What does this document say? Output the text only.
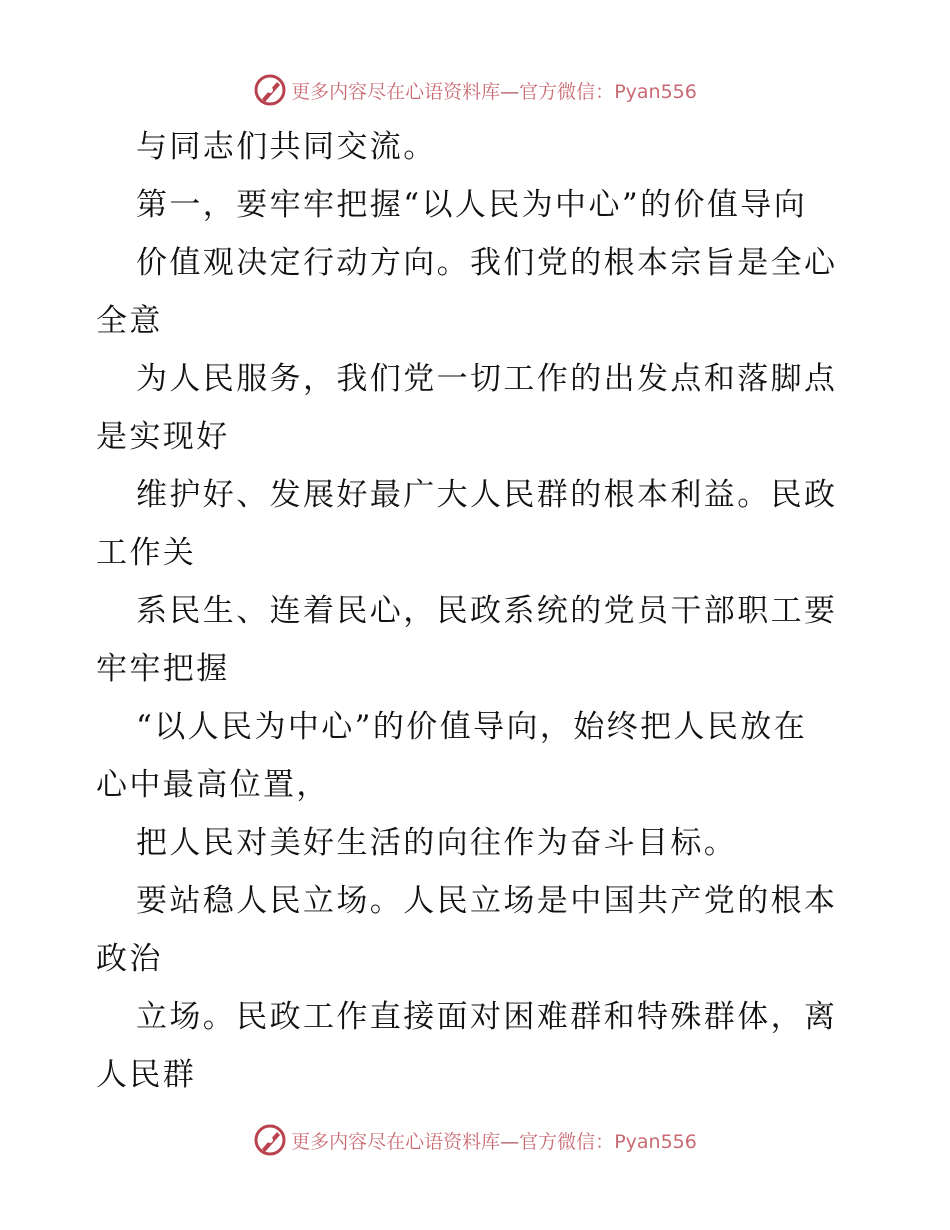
更多内容尽在心语资料库—官方微信：Pyan556
与同志们共同交流。
第一，要牢牢把握“以人民为中心”的价值导向
价值观决定行动方向。我们党的根本宗旨是全心
全意
为人民服务，我们党一切工作的出发点和落脚点
是实现好
维护好、发展好最广大人民群的根本利益。民政
工作关
系民生、连着民心，民政系统的党员干部职工要
牢牢把握
“以人民为中心”的价值导向，始终把人民放在
心中最高位置，
把人民对美好生活的向往作为奋斗目标。
要站稳人民立场。人民立场是中国共产党的根本
政治
立场。民政工作直接面对困难群和特殊群体，离
人民群
更多内容尽在心语资料库—官方微信：Pyan556
